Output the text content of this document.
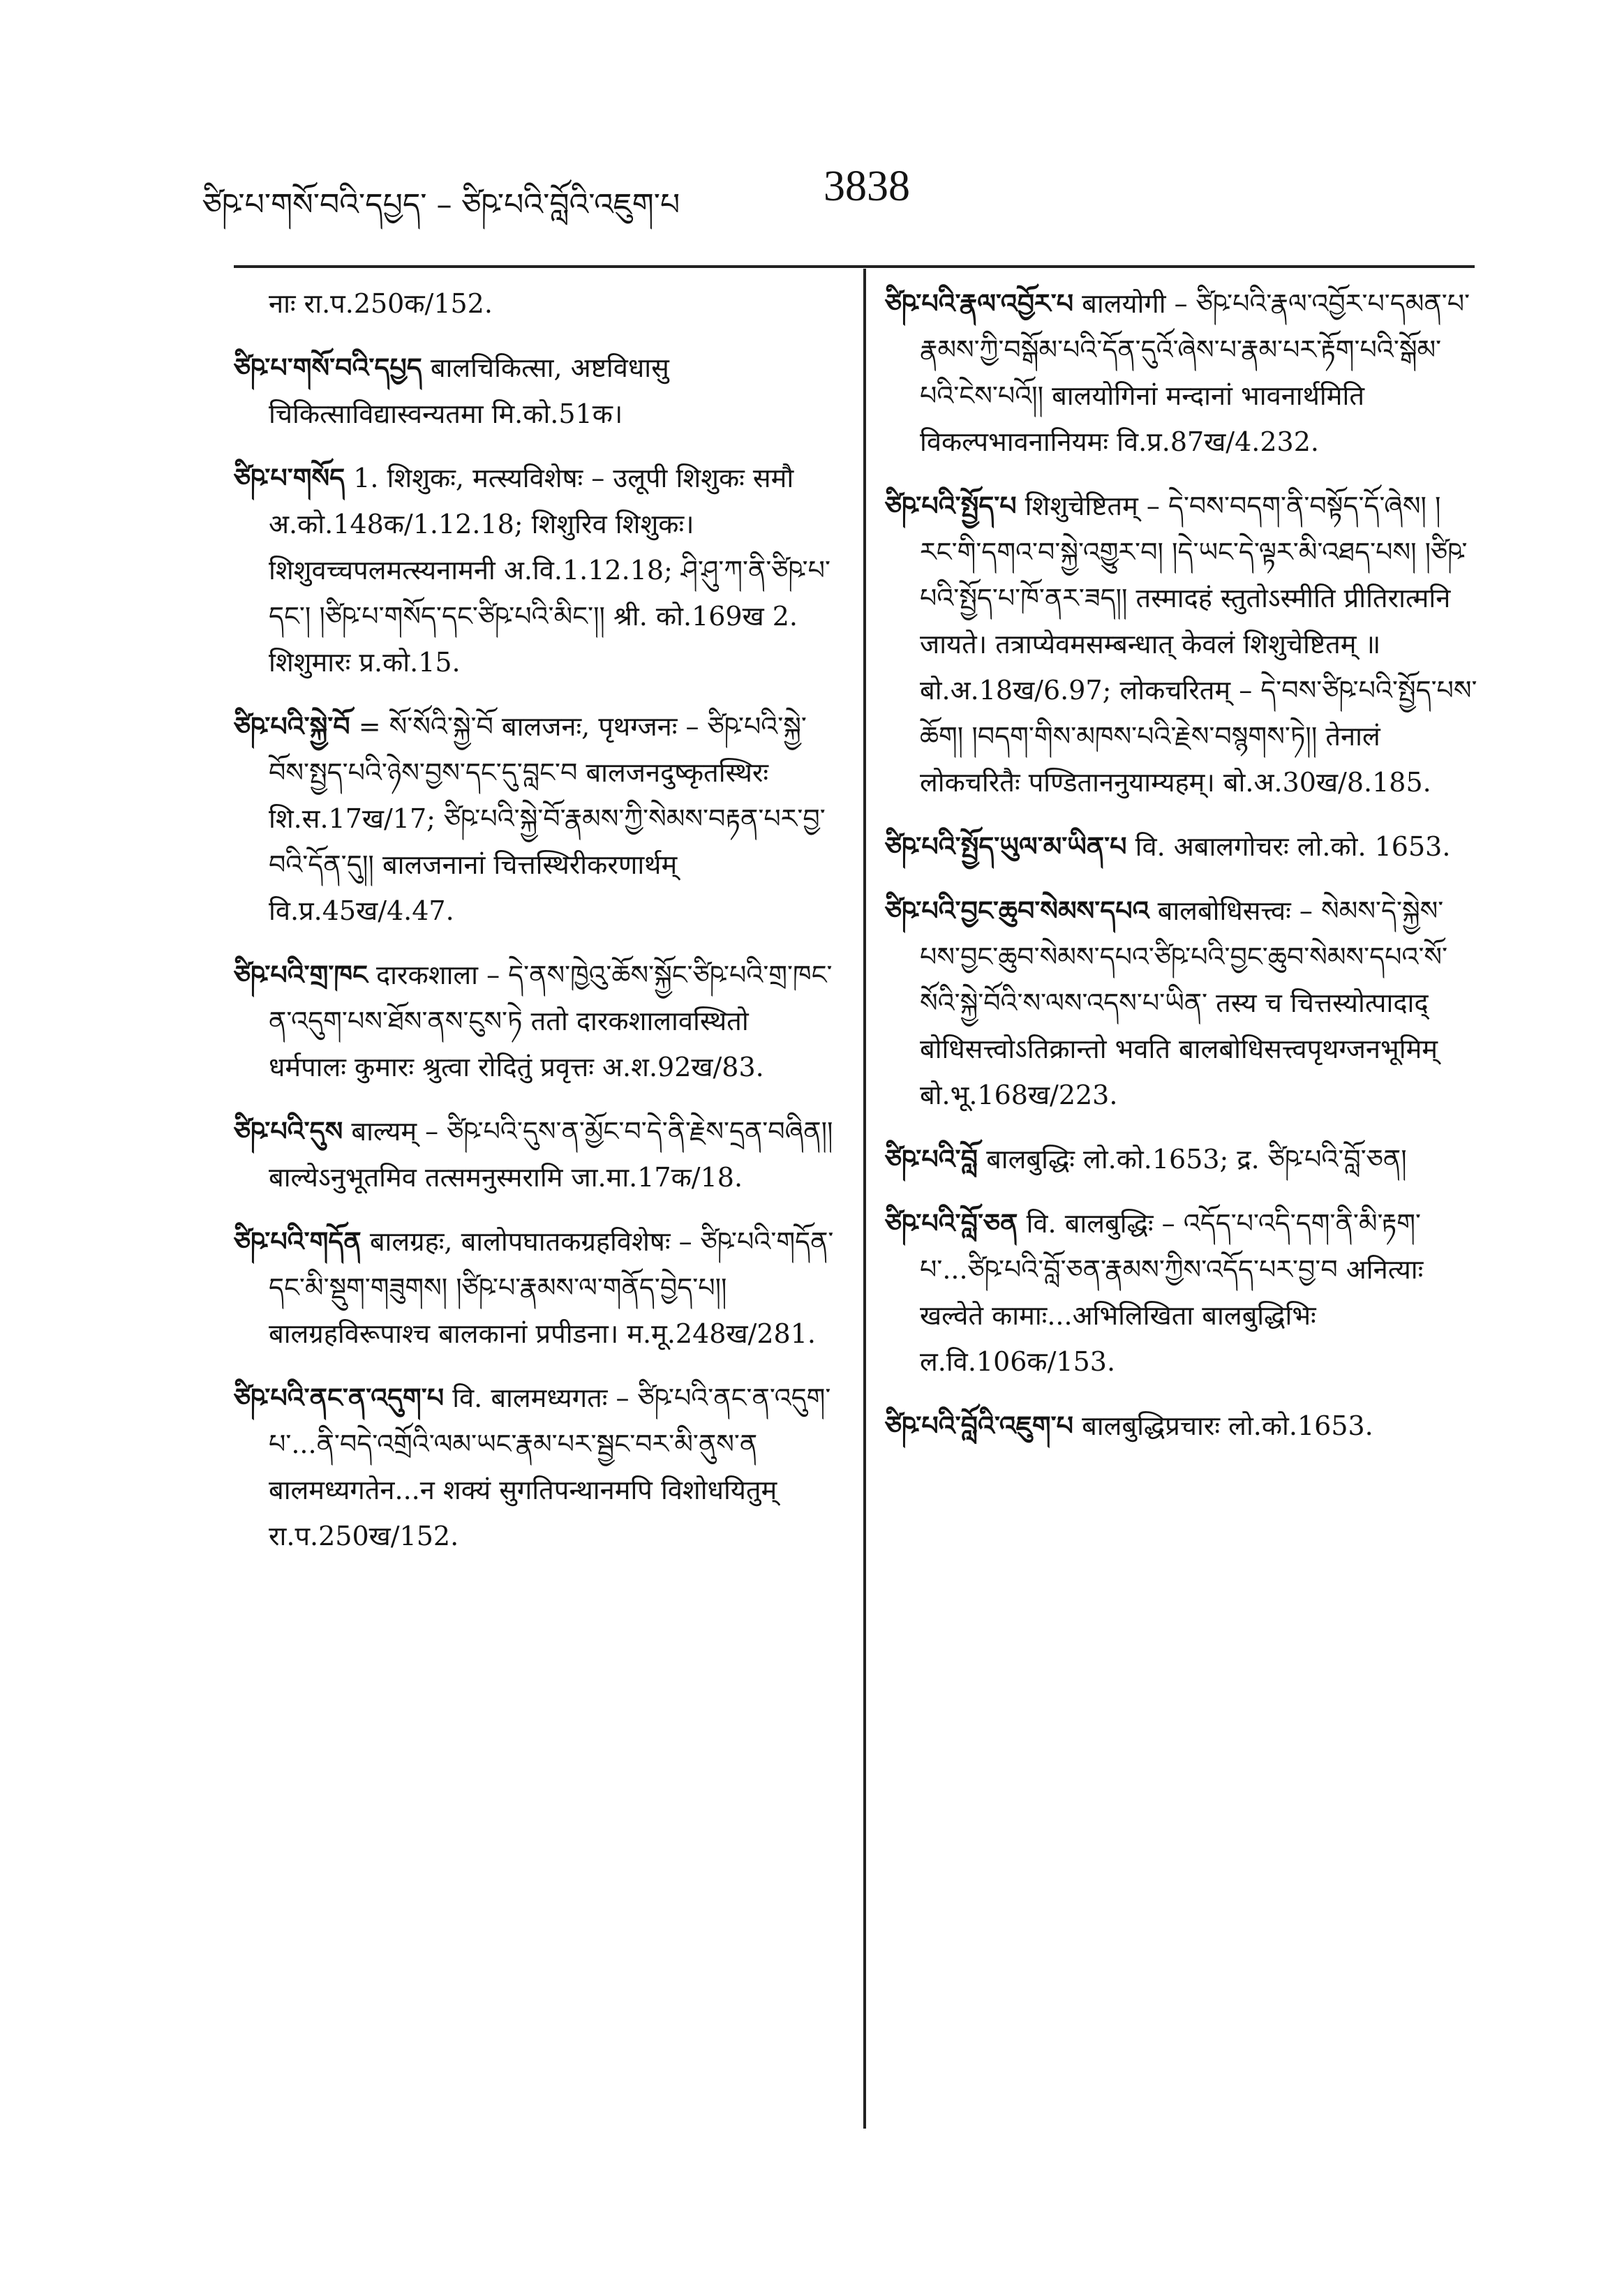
ཙིཥ་པ་གསོ་བའི་དཔྱད་ – ཙིཥ་པའི་བློའི་འཇུག་པ	3838

नाः रा.प.250क/152.

ཙིཥ་པ་གསོ་བའི་དཔྱད बालचिकित्सा, अष्टविधासु चिकित्साविद्यास्वन्यतमा मि.को.51क।

ཙིཥ་པ་གསོད 1. शिशुकः, मत्स्यविशेषः – उलूपी शिशुकः समौ अ.को.148क/1.12.18; शिशुरिव शिशुकः। शिशुवच्चपलमत्स्यनामनी अ.वि.1.12.18; ཤི་ཤུ་ཀ་ནི་ཙིཥ་པ་དང་། །ཙིཥ་པ་གསོད་དང་ཙིཥ་པའི་མིང་།། श्री. को.169ख 2. शिशुमारः प्र.को.15.

ཙིཥ་པའི་སྐྱེ་བོ = སོ་སོའི་སྐྱེ་བོ बालजनः, पृथग्जनः – ཙིཥ་པའི་སྐྱེ་བོས་སྤྱད་པའི་ཉེས་བྱས་དང་དུ་བླང་བ बालजनदुष्कृतस्थिरः शि.स.17ख/17; ཙིཥ་པའི་སྐྱེ་བོ་རྣམས་ཀྱི་སེམས་བརྟན་པར་བྱ་བའི་དོན་དུ།། बालजनानां चित्तस्थिरीकरणार्थम् वि.प्र.45ख/4.47.

ཙིཥ་པའི་གྲ་ཁང दारकशाला – དེ་ནས་ཁྱེའུ་ཆོས་སྐྱོང་ཙིཥ་པའི་གྲ་ཁང་ན་འདུག་པས་ཐོས་ནས་ངུས་ཏེ ततो दारकशालावस्थितो धर्मपालः कुमारः श्रुत्वा रोदितुं प्रवृत्तः अ.श.92ख/83.

ཙིཥ་པའི་དུས बाल्यम् – ཙིཥ་པའི་དུས་ན་མྱོང་བ་དེ་ནི་རྗེས་དྲན་བཞིན།། बाल्येऽनुभूतमिव तत्समनुस्मरामि जा.मा.17क/18.

ཙིཥ་པའི་གདོན बालग्रहः, बालोपघातकग्रहविशेषः – ཙིཥ་པའི་གདོན་དང་མི་སྡུག་གཟུགས། །ཙིཥ་པ་རྣམས་ལ་གནོད་བྱེད་པ།། बालग्रहविरूपाश्च बालकानां प्रपीडना। म.मू.248ख/281.

ཙིཥ་པའི་ནང་ན་འདུག་པ वि. बालमध्यगतः – ཙིཥ་པའི་ནང་ན་འདུག་པ་...ནི་བདེ་འགྲོའི་ལམ་ཡང་རྣམ་པར་སྦྱང་བར་མི་ནུས་ན बालमध्यगतेन...न शक्यं सुगतिपन्थानमपि विशोधयितुम् रा.प.250ख/152.

ཙིཥ་པའི་རྣལ་འབྱོར་པ बालयोगी – ཙིཥ་པའི་རྣལ་འབྱོར་པ་དམན་པ་རྣམས་ཀྱི་བསྒོམ་པའི་དོན་དུའོ་ཞེས་པ་རྣམ་པར་རྟོག་པའི་སྒོམ་པའི་ངེས་པའོ།། बालयोगिनां मन्दानां भावनार्थमिति विकल्पभावनानियमः वि.प्र.87ख/4.232.

ཙིཥ་པའི་སྤྱོད་པ शिशुचेष्टितम् – དེ་བས་བདག་ནི་བསྟོད་དོ་ཞེས། །རང་གི་དགའ་བ་སྐྱེ་འགྱུར་བ། །དེ་ཡང་དེ་ལྟར་མི་འཐད་པས། །ཙིཥ་པའི་སྤྱོད་པ་ཁོ་ནར་ཟད།། तस्मादहं स्तुतोऽस्मीति प्रीतिरात्मनि जायते। तत्राप्येवमसम्बन्धात् केवलं शिशुचेष्टितम् ॥ बो.अ.18ख/6.97; लोकचरितम् – དེ་བས་ཙིཥ་པའི་སྤྱོད་པས་ཆོག། །བདག་གིས་མཁས་པའི་རྗེས་བསྙགས་ཏེ།། तेनालं लोकचरितैः पण्डिताननुयाम्यहम्। बो.अ.30ख/8.185.

ཙིཥ་པའི་སྤྱོད་ཡུལ་མ་ཡིན་པ वि. अबालगोचरः लो.को. 1653.

ཙིཥ་པའི་བྱང་ཆུབ་སེམས་དཔའ बालबोधिसत्त्वः – སེམས་དེ་སྐྱེས་པས་བྱང་ཆུབ་སེམས་དཔའ་ཙིཥ་པའི་བྱང་ཆུབ་སེམས་དཔའ་སོ་སོའི་སྐྱེ་བོའི་ས་ལས་འདས་པ་ཡིན་ तस्य च चित्तस्योत्पादाद् बोधिसत्त्वोऽतिक्रान्तो भवति बालबोधिसत्त्वपृथग्जनभूमिम् बो.भू.168ख/223.

ཙིཥ་པའི་བློ बालबुद्धिः लो.को.1653; द्र. ཙིཥ་པའི་བློ་ཅན།

ཙིཥ་པའི་བློ་ཅན वि. बालबुद्धिः – འདོད་པ་འདི་དག་ནི་མི་རྟག་པ་...ཙིཥ་པའི་བློ་ཅན་རྣམས་ཀྱིས་འདོད་པར་བྱ་བ अनित्याः खल्वेते कामाः...अभिलिखिता बालबुद्धिभिः ल.वि.106क/153.

ཙིཥ་པའི་བློའི་འཇུག་པ बालबुद्धिप्रचारः लो.को.1653.
